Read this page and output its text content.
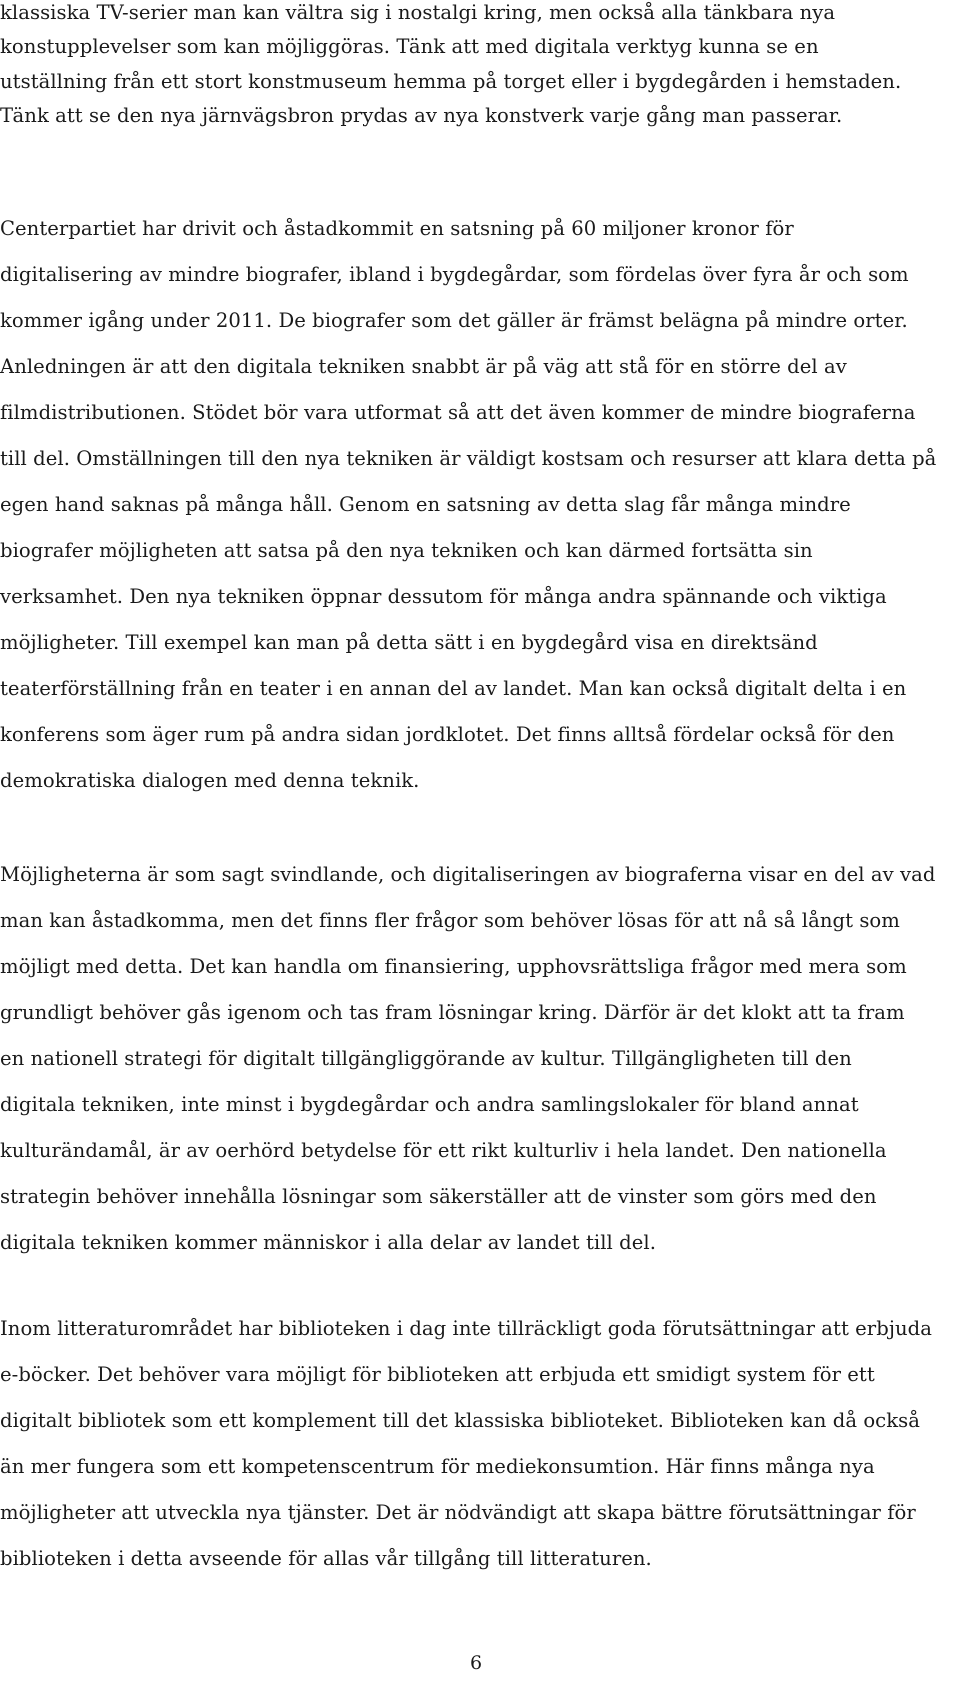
klassiska TV-serier man kan vältra sig i nostalgi kring, men också alla tänkbara nya
konstupplevelser som kan möjliggöras. Tänk att med digitala verktyg kunna se en
utställning från ett stort konstmuseum hemma på torget eller i bygdegården i hemstaden.
Tänk att se den nya järnvägsbron prydas av nya konstverk varje gång man passerar.
Centerpartiet har drivit och åstadkommit en satsning på 60 miljoner kronor för
digitalisering av mindre biografer, ibland i bygdegårdar, som fördelas över fyra år och som
kommer igång under 2011. De biografer som det gäller är främst belägna på mindre orter.
Anledningen är att den digitala tekniken snabbt är på väg att stå för en större del av
filmdistributionen. Stödet bör vara utformat så att det även kommer de mindre biograferna
till del. Omställningen till den nya tekniken är väldigt kostsam och resurser att klara detta på
egen hand saknas på många håll. Genom en satsning av detta slag får många mindre
biografer möjligheten att satsa på den nya tekniken och kan därmed fortsätta sin
verksamhet. Den nya tekniken öppnar dessutom för många andra spännande och viktiga
möjligheter. Till exempel kan man på detta sätt i en bygdegård visa en direktsänd
teaterförställning från en teater i en annan del av landet. Man kan också digitalt delta i en
konferens som äger rum på andra sidan jordklotet. Det finns alltså fördelar också för den
demokratiska dialogen med denna teknik.
Möjligheterna är som sagt svindlande, och digitaliseringen av biograferna visar en del av vad
man kan åstadkomma, men det finns fler frågor som behöver lösas för att nå så långt som
möjligt med detta. Det kan handla om finansiering, upphovsrättsliga frågor med mera som
grundligt behöver gås igenom och tas fram lösningar kring. Därför är det klokt att ta fram
en nationell strategi för digitalt tillgängliggörande av kultur. Tillgängligheten till den
digitala tekniken, inte minst i bygdegårdar och andra samlingslokaler för bland annat
kulturändamål, är av oerhörd betydelse för ett rikt kulturliv i hela landet. Den nationella
strategin behöver innehålla lösningar som säkerställer att de vinster som görs med den
digitala tekniken kommer människor i alla delar av landet till del.
Inom litteraturområdet har biblioteken i dag inte tillräckligt goda förutsättningar att erbjuda
e-böcker. Det behöver vara möjligt för biblioteken att erbjuda ett smidigt system för ett
digitalt bibliotek som ett komplement till det klassiska biblioteket. Biblioteken kan då också
än mer fungera som ett kompetenscentrum för mediekonsumtion. Här finns många nya
möjligheter att utveckla nya tjänster. Det är nödvändigt att skapa bättre förutsättningar för
biblioteken i detta avseende för allas vår tillgång till litteraturen.
6
